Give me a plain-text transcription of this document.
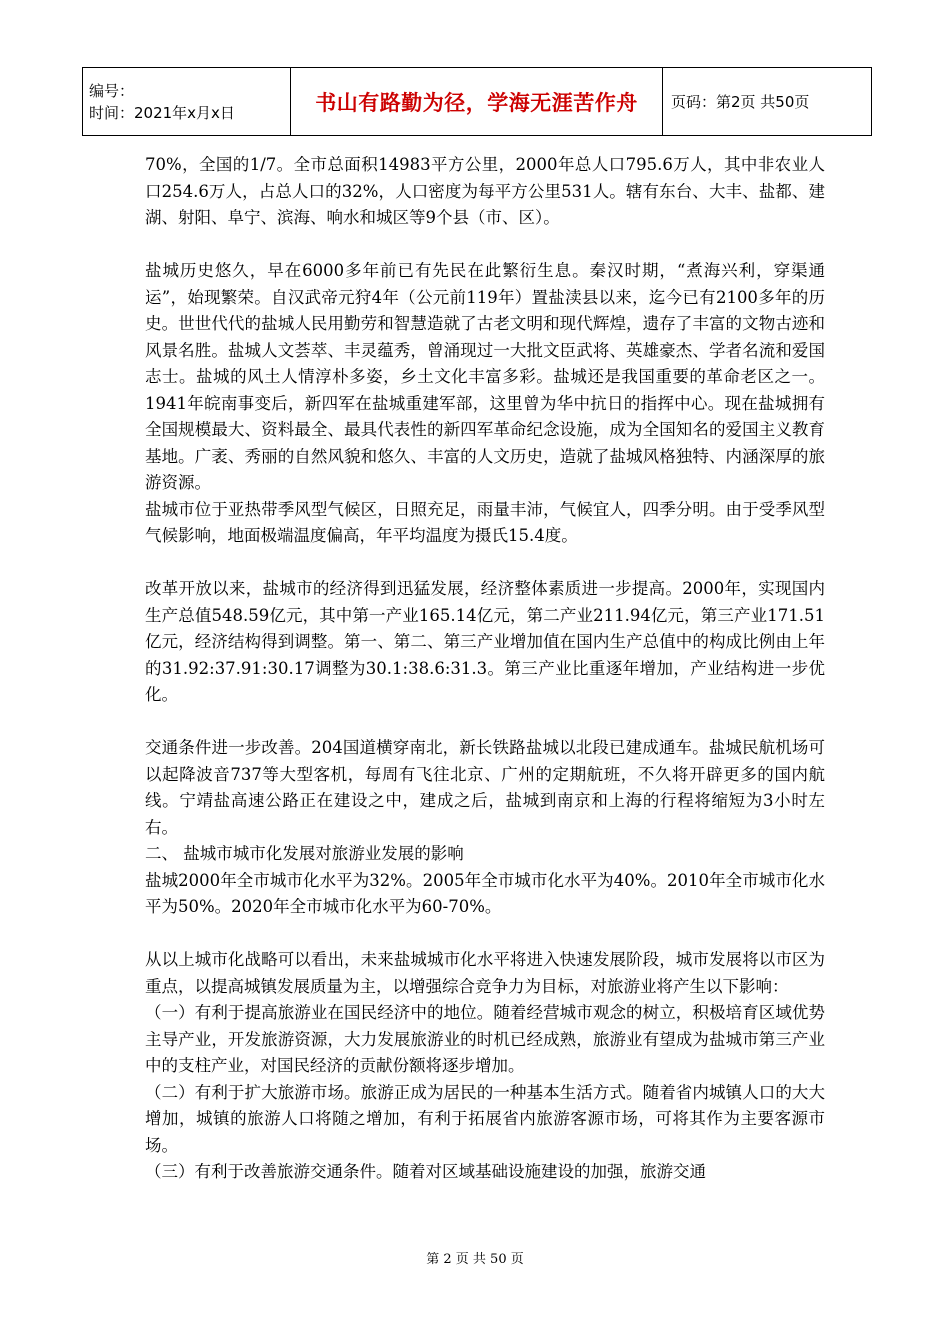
编号：
时间：2021年x月x日	书山有路勤为径，学海无涯苦作舟	页码：第2页 共50页

70%，全国的1/7。全市总面积14983平方公里，2000年总人口795.6万人，其中非农业人口254.6万人，占总人口的32%，人口密度为每平方公里531人。辖有东台、大丰、盐都、建湖、射阳、阜宁、滨海、响水和城区等9个县（市、区）。

盐城历史悠久，早在6000多年前已有先民在此繁衍生息。秦汉时期，“煮海兴利，穿渠通运”，始现繁荣。自汉武帝元狩4年（公元前119年）置盐渎县以来，迄今已有2100多年的历史。世世代代的盐城人民用勤劳和智慧造就了古老文明和现代辉煌，遗存了丰富的文物古迹和风景名胜。盐城人文荟萃、丰灵蕴秀，曾涌现过一大批文臣武将、英雄豪杰、学者名流和爱国志士。盐城的风土人情淳朴多姿，乡土文化丰富多彩。盐城还是我国重要的革命老区之一。1941年皖南事变后，新四军在盐城重建军部，这里曾为华中抗日的指挥中心。现在盐城拥有全国规模最大、资料最全、最具代表性的新四军革命纪念设施，成为全国知名的爱国主义教育基地。广袤、秀丽的自然风貌和悠久、丰富的人文历史，造就了盐城风格独特、内涵深厚的旅游资源。

盐城市位于亚热带季风型气候区，日照充足，雨量丰沛，气候宜人，四季分明。由于受季风型气候影响，地面极端温度偏高，年平均温度为摄氏15.4度。

改革开放以来，盐城市的经济得到迅猛发展，经济整体素质进一步提高。2000年，实现国内生产总值548.59亿元，其中第一产业165.14亿元，第二产业211.94亿元，第三产业171.51亿元，经济结构得到调整。第一、第二、第三产业增加值在国内生产总值中的构成比例由上年的31.92:37.91:30.17调整为30.1:38.6:31.3。第三产业比重逐年增加，产业结构进一步优化。

交通条件进一步改善。204国道横穿南北，新长铁路盐城以北段已建成通车。盐城民航机场可以起降波音737等大型客机，每周有飞往北京、广州的定期航班，不久将开辟更多的国内航线。宁靖盐高速公路正在建设之中，建成之后，盐城到南京和上海的行程将缩短为3小时左右。

二、 盐城市城市化发展对旅游业发展的影响

盐城2000年全市城市化水平为32%。2005年全市城市化水平为40%。2010年全市城市化水平为50%。2020年全市城市化水平为60-70%。

从以上城市化战略可以看出，未来盐城城市化水平将进入快速发展阶段，城市发展将以市区为重点，以提高城镇发展质量为主，以增强综合竞争力为目标，对旅游业将产生以下影响：

（一）有利于提高旅游业在国民经济中的地位。随着经营城市观念的树立，积极培育区域优势主导产业，开发旅游资源，大力发展旅游业的时机已经成熟，旅游业有望成为盐城市第三产业中的支柱产业，对国民经济的贡献份额将逐步增加。

（二）有利于扩大旅游市场。旅游正成为居民的一种基本生活方式。随着省内城镇人口的大大增加，城镇的旅游人口将随之增加，有利于拓展省内旅游客源市场，可将其作为主要客源市场。

（三）有利于改善旅游交通条件。随着对区域基础设施建设的加强，旅游交通

第 2 页 共 50 页
